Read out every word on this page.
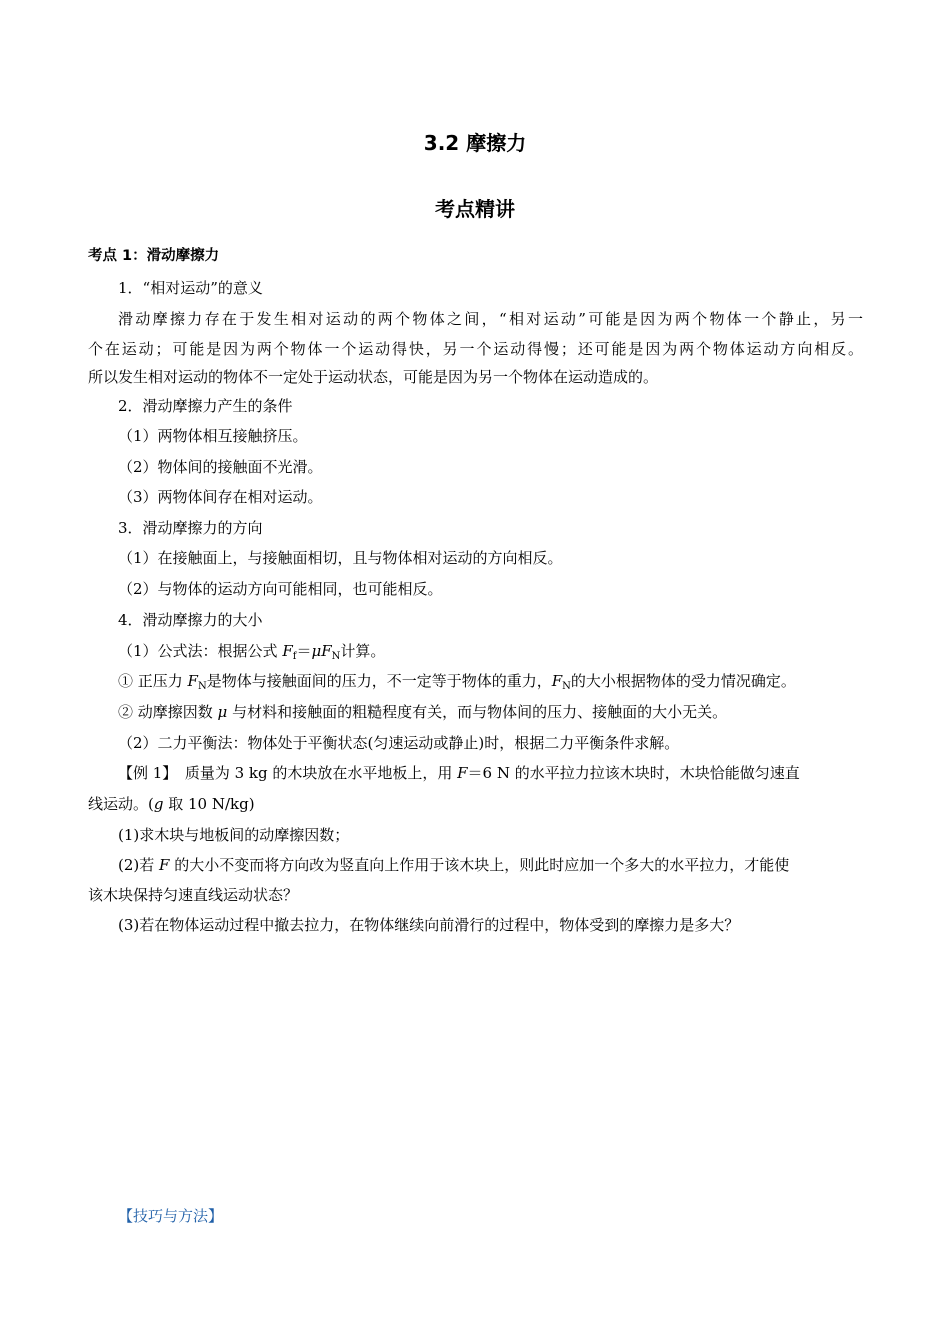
3.2 摩擦力
考点精讲
考点 1：滑动摩擦力
1．“相对运动”的意义
滑动摩擦力存在于发生相对运动的两个物体之间，“相对运动”可能是因为两个物体一个静止，另一
个在运动；可能是因为两个物体一个运动得快，另一个运动得慢；还可能是因为两个物体运动方向相反。
所以发生相对运动的物体不一定处于运动状态，可能是因为另一个物体在运动造成的。
2．滑动摩擦力产生的条件
（1）两物体相互接触挤压。
（2）物体间的接触面不光滑。
（3）两物体间存在相对运动。
3．滑动摩擦力的方向
（1）在接触面上，与接触面相切，且与物体相对运动的方向相反。
（2）与物体的运动方向可能相同，也可能相反。
4．滑动摩擦力的大小
（1）公式法：根据公式 $F_f=\mu F_N$计算。
① 正压力 $F_N$是物体与接触面间的压力，不一定等于物体的重力，$F_N$的大小根据物体的受力情况确定。
② 动摩擦因数 μ 与材料和接触面的粗糙程度有关，而与物体间的压力、接触面的大小无关。
（2）二力平衡法：物体处于平衡状态(匀速运动或静止)时，根据二力平衡条件求解。
【例 1】　质量为 3 kg 的木块放在水平地板上，用 F＝6 N 的水平拉力拉该木块时，木块恰能做匀速直
线运动。(g 取 10 N/kg)
(1)求木块与地板间的动摩擦因数；
(2)若 F 的大小不变而将方向改为竖直向上作用于该木块上，则此时应加一个多大的水平拉力，才能使
该木块保持匀速直线运动状态？
(3)若在物体运动过程中撤去拉力，在物体继续向前滑行的过程中，物体受到的摩擦力是多大？
【技巧与方法】
